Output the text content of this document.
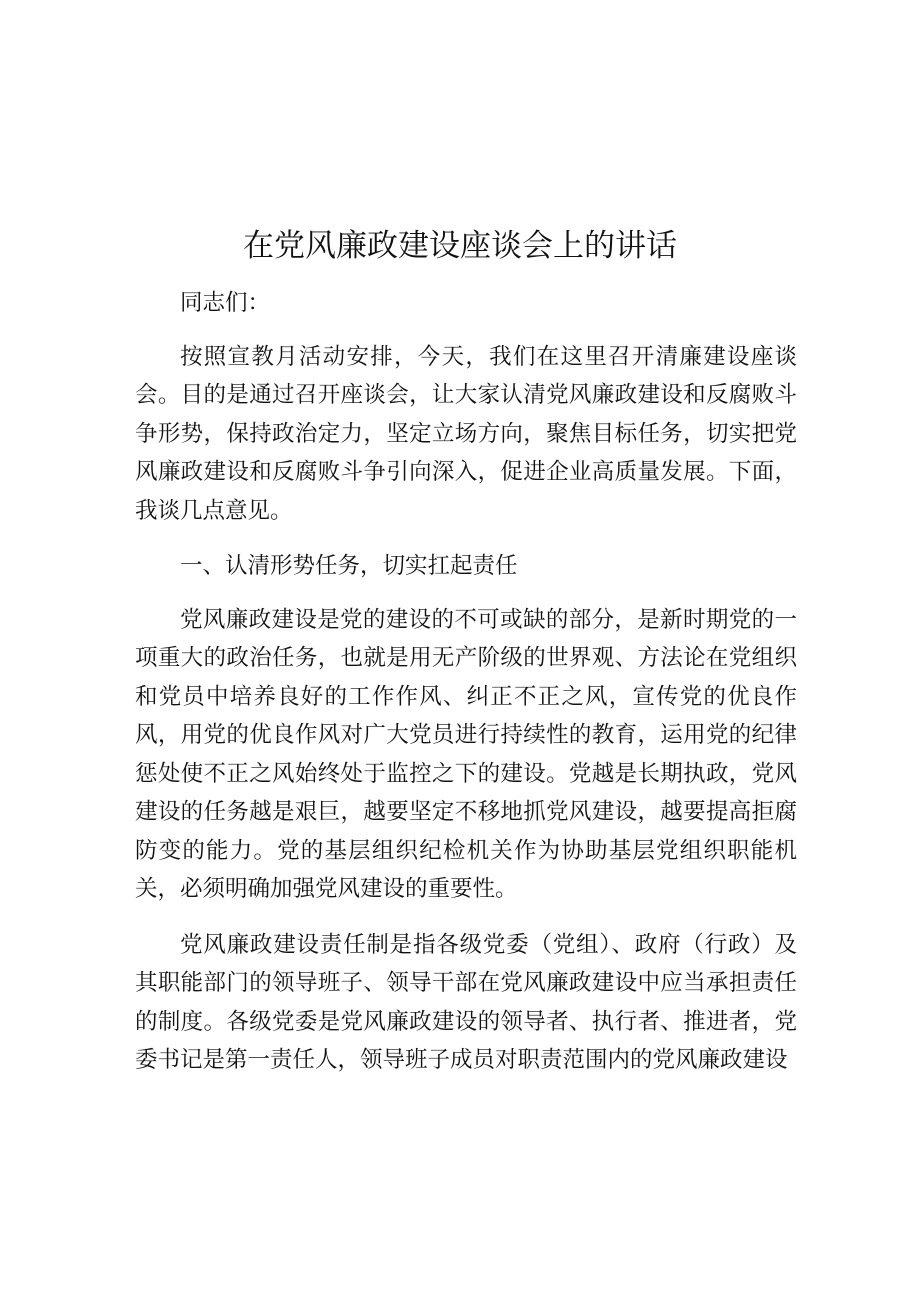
在党风廉政建设座谈会上的讲话

同志们：

按照宣教月活动安排，今天，我们在这里召开清廉建设座谈会。目的是通过召开座谈会，让大家认清党风廉政建设和反腐败斗争形势，保持政治定力，坚定立场方向，聚焦目标任务，切实把党风廉政建设和反腐败斗争引向深入，促进企业高质量发展。下面，我谈几点意见。

一、认清形势任务，切实扛起责任

党风廉政建设是党的建设的不可或缺的部分，是新时期党的一项重大的政治任务，也就是用无产阶级的世界观、方法论在党组织和党员中培养良好的工作作风、纠正不正之风，宣传党的优良作风，用党的优良作风对广大党员进行持续性的教育，运用党的纪律惩处使不正之风始终处于监控之下的建设。党越是长期执政，党风建设的任务越是艰巨，越要坚定不移地抓党风建设，越要提高拒腐防变的能力。党的基层组织纪检机关作为协助基层党组织职能机关，必须明确加强党风建设的重要性。

党风廉政建设责任制是指各级党委（党组）、政府（行政）及其职能部门的领导班子、领导干部在党风廉政建设中应当承担责任的制度。各级党委是党风廉政建设的领导者、执行者、推进者，党委书记是第一责任人，领导班子成员对职责范围内的党风廉政建设
